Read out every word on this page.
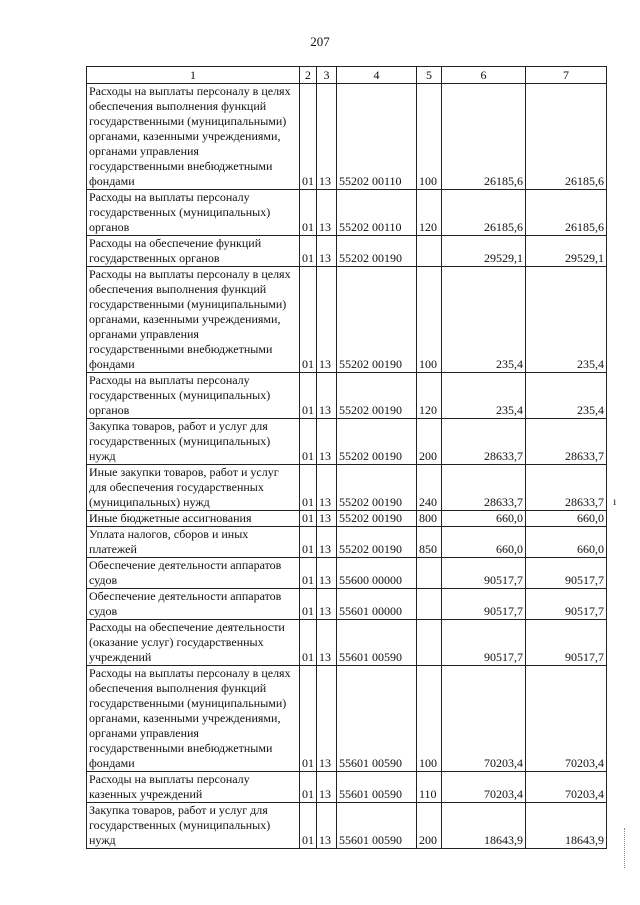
207
1	2	3	4	5	6	7
Расходы на выплаты персоналу в целях обеспечения выполнения функций государственными (муниципальными) органами, казенными учреждениями, органами управления государственными внебюджетными фондами	01	13	55202 00110	100	26185,6	26185,6
Расходы на выплаты персоналу государственных (муниципальных) органов	01	13	55202 00110	120	26185,6	26185,6
Расходы на обеспечение функций государственных органов	01	13	55202 00190		29529,1	29529,1
Расходы на выплаты персоналу в целях обеспечения выполнения функций государственными (муниципальными) органами, казенными учреждениями, органами управления государственными внебюджетными фондами	01	13	55202 00190	100	235,4	235,4
Расходы на выплаты персоналу государственных (муниципальных) органов	01	13	55202 00190	120	235,4	235,4
Закупка товаров, работ и услуг для государственных (муниципальных) нужд	01	13	55202 00190	200	28633,7	28633,7
Иные закупки товаров, работ и услуг для обеспечения государственных (муниципальных) нужд	01	13	55202 00190	240	28633,7	28633,7
Иные бюджетные ассигнования	01	13	55202 00190	800	660,0	660,0
Уплата налогов, сборов и иных платежей	01	13	55202 00190	850	660,0	660,0
Обеспечение деятельности аппаратов судов	01	13	55600 00000		90517,7	90517,7
Обеспечение деятельности аппаратов судов	01	13	55601 00000		90517,7	90517,7
Расходы на обеспечение деятельности (оказание услуг) государственных учреждений	01	13	55601 00590		90517,7	90517,7
Расходы на выплаты персоналу в целях обеспечения выполнения функций государственными (муниципальными) органами, казенными учреждениями, органами управления государственными внебюджетными фондами	01	13	55601 00590	100	70203,4	70203,4
Расходы на выплаты персоналу казенных учреждений	01	13	55601 00590	110	70203,4	70203,4
Закупка товаров, работ и услуг для государственных (муниципальных) нужд	01	13	55601 00590	200	18643,9	18643,9
ı
